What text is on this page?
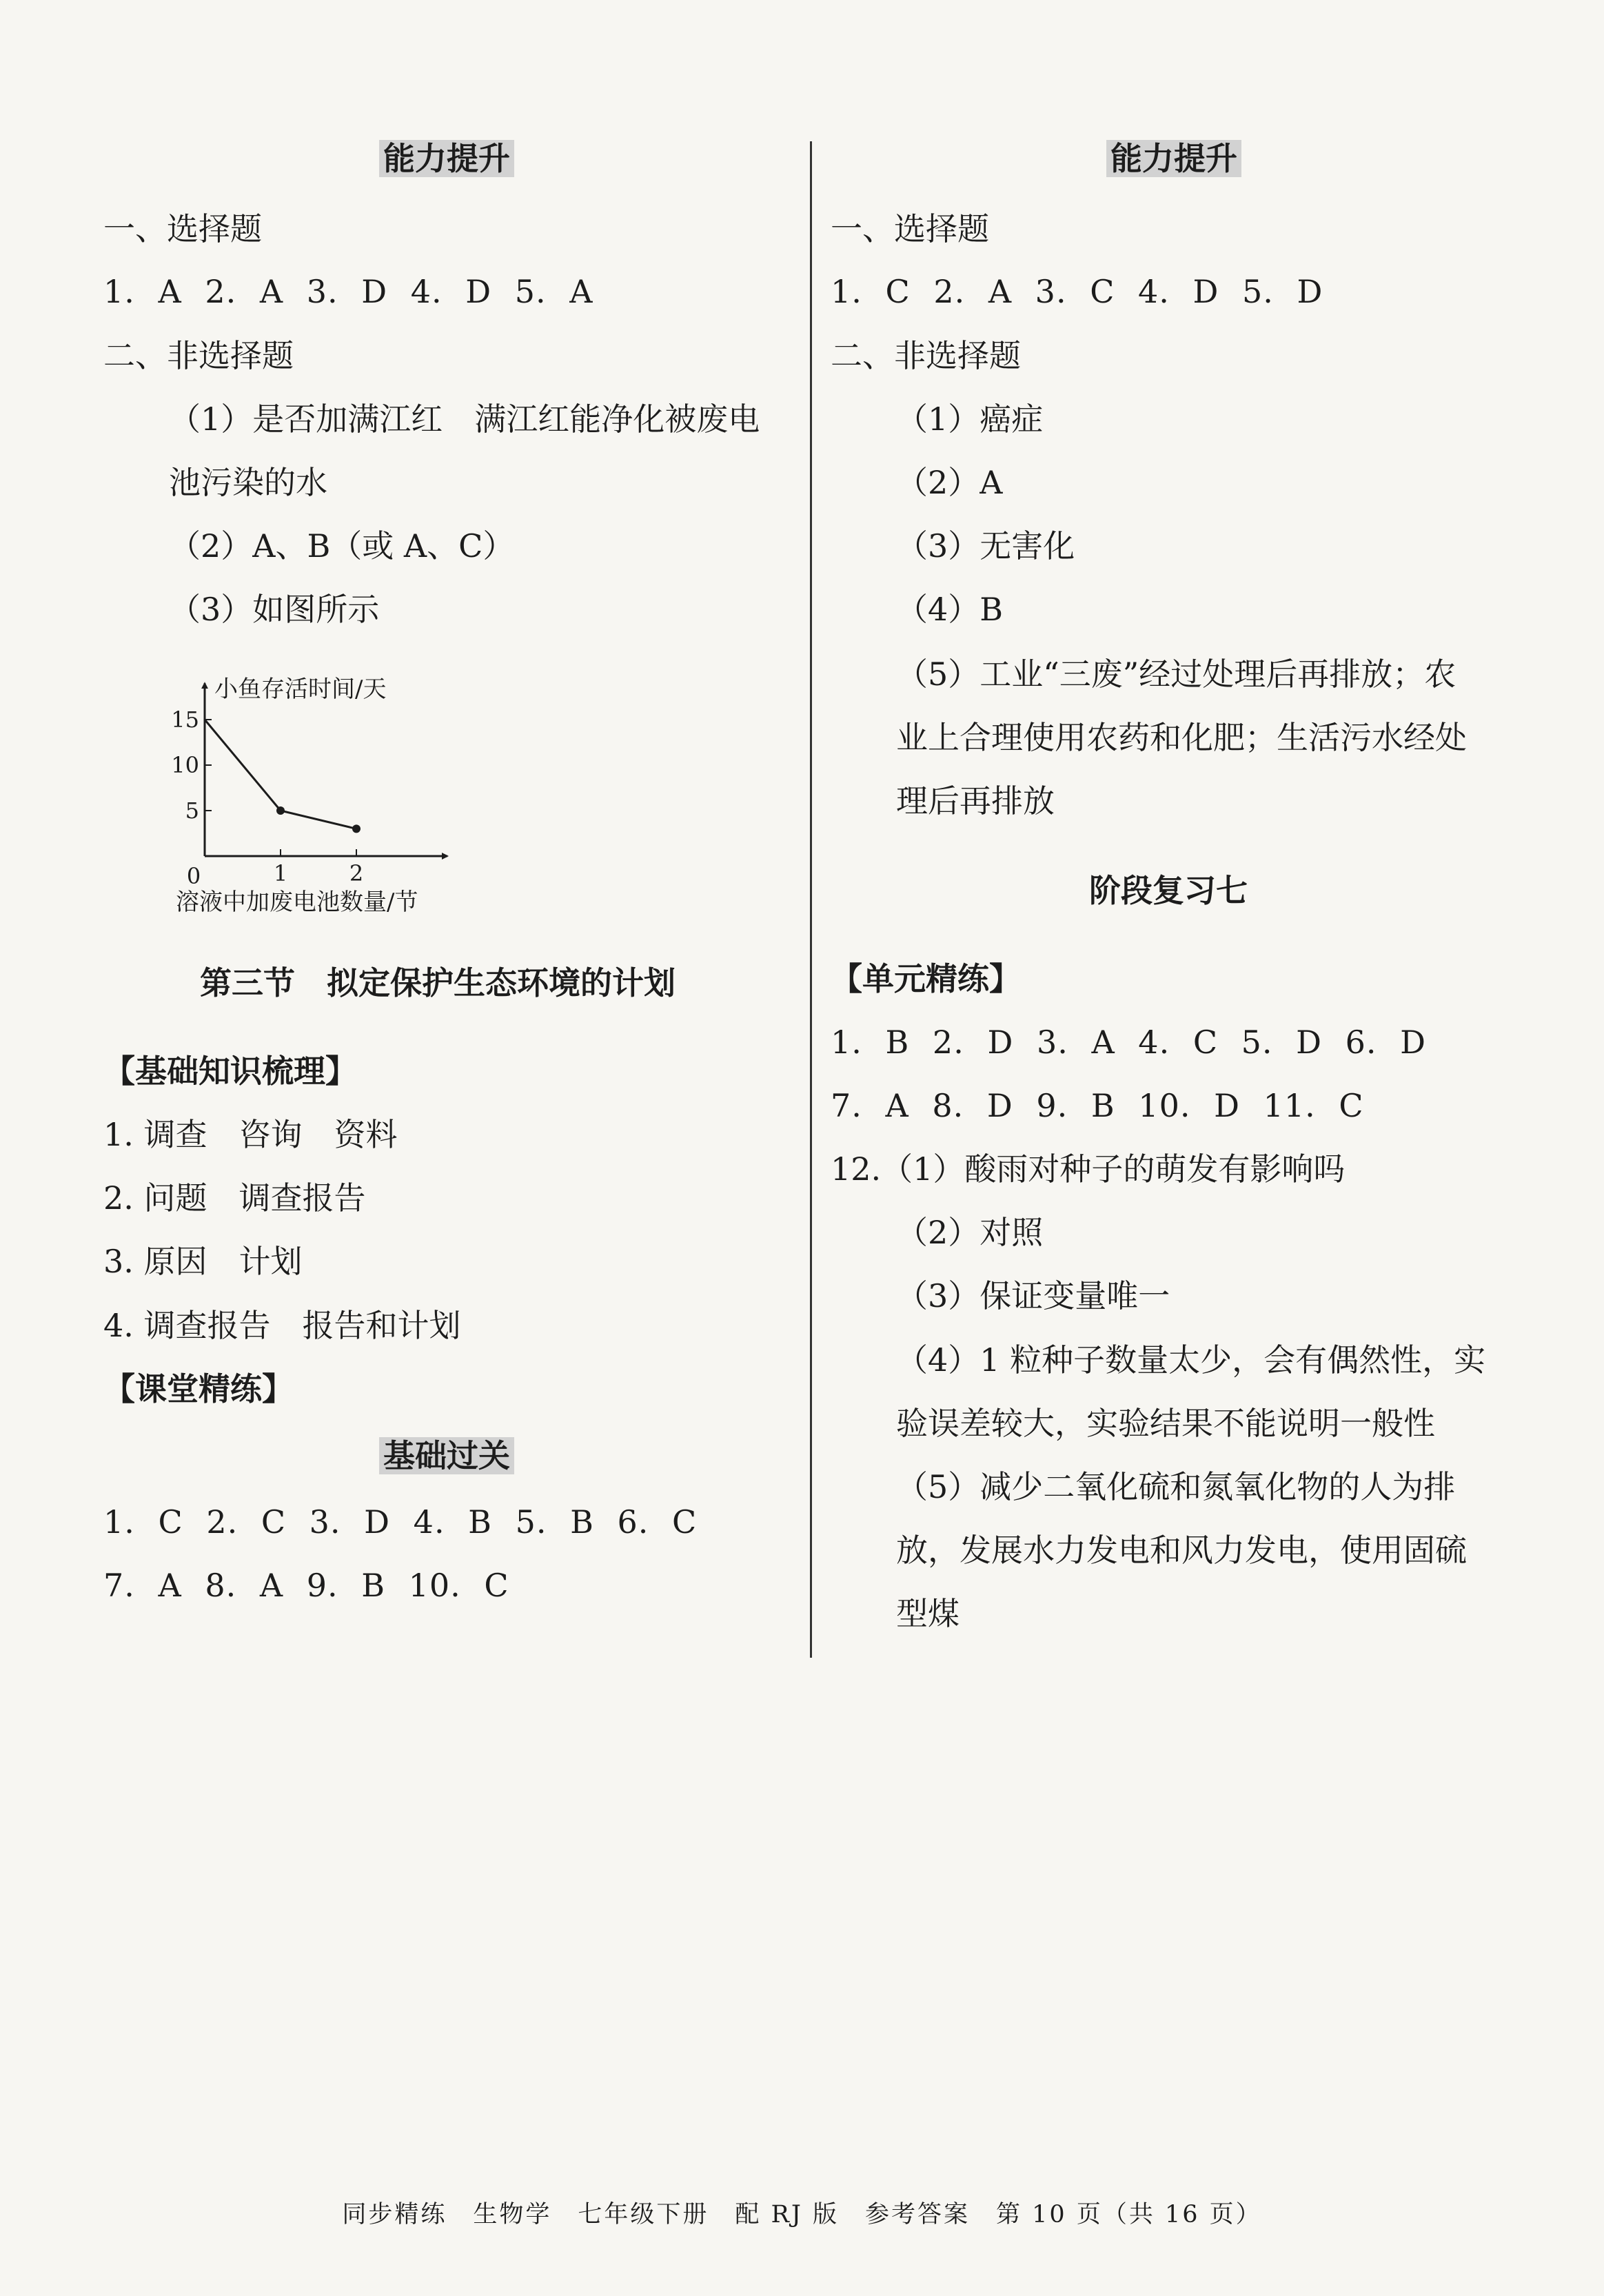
能力提升
一、选择题
1. A 2. A 3. D 4. D 5. A
二、非选择题
（1）是否加满江红　满江红能净化被废电
池污染的水
（2）A、B（或 A、C）
（3）如图所示
第三节　拟定保护生态环境的计划
【基础知识梳理】
1. 调查　咨询　资料
2. 问题　调查报告
3. 原因　计划
4. 调查报告　报告和计划
【课堂精练】
基础过关
1. C 2. C 3. D 4. B 5. B 6. C
7. A 8. A 9. B 10. C
小鱼存活时间/天
0	1	2
5
10
15
溶液中加废电池数量/节
能力提升
一、选择题
1. C 2. A 3. C 4. D 5. D
二、非选择题
（1）癌症
（2）A
（3）无害化
（4）B
（5）工业“三废”经过处理后再排放；农
业上合理使用农药和化肥；生活污水经处
理后再排放
阶段复习七
【单元精练】
1. B 2. D 3. A 4. C 5. D 6. D
7. A 8. D 9. B 10. D 11. C
12.（1）酸雨对种子的萌发有影响吗
（2）对照
（3）保证变量唯一
（4）1 粒种子数量太少，会有偶然性，实
验误差较大，实验结果不能说明一般性
（5）减少二氧化硫和氮氧化物的人为排
放，发展水力发电和风力发电，使用固硫
型煤
同步精练　生物学　七年级下册　配 RJ 版　参考答案　第 10 页（共 16 页）
